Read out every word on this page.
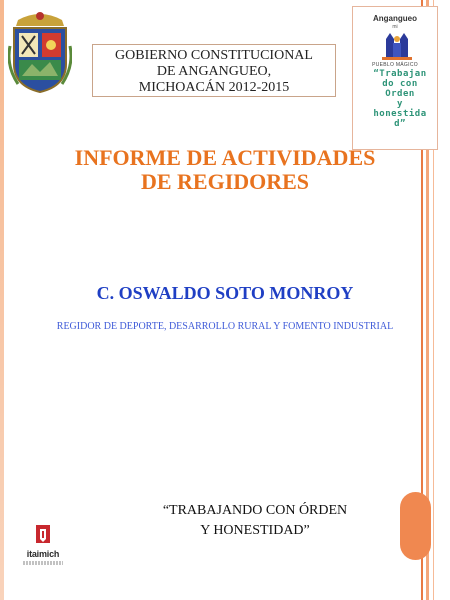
GOBIERNO CONSTITUCIONAL
DE ANGANGUEO,
MICHOACÁN 2012-2015
Angangueo
mi
PUEBLO MÁGICO
“Trabajan
do con
Orden
y
honestida
d”
INFORME DE ACTIVIDADES
DE REGIDORES
C. OSWALDO SOTO MONROY
REGIDOR DE DEPORTE, DESARROLLO RURAL Y FOMENTO INDUSTRIAL
“TRABAJANDO CON ÓRDEN
Y HONESTIDAD”
itaimich
